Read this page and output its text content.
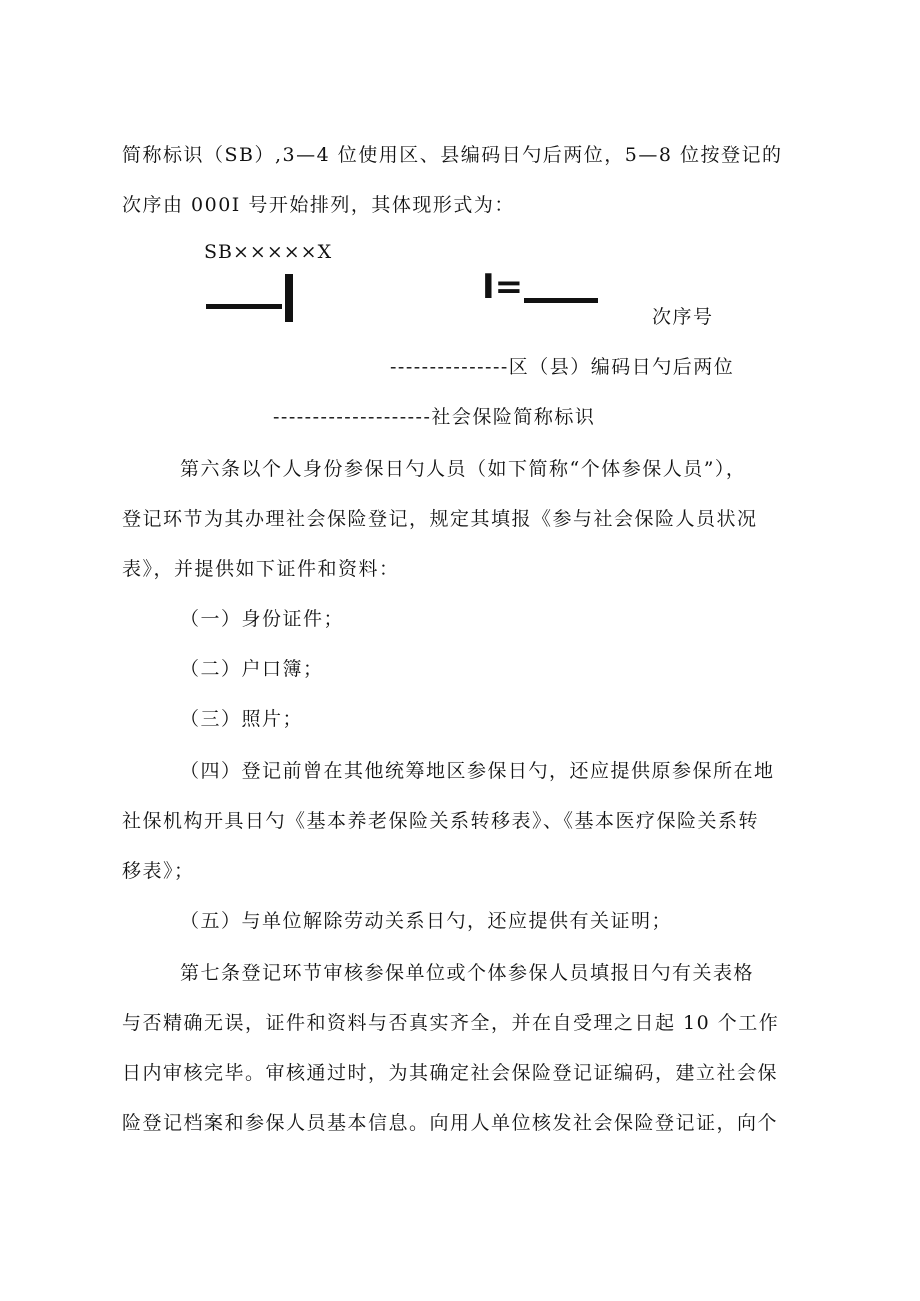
简称标识（SB）,3—4 位使用区、县编码日勺后两位，5—8 位按登记的
次序由 000I 号开始排列，其体现形式为：
SB×××××X
I=
次序号
---------------区（县）编码日勺后两位
--------------------社会保险简称标识
第六条以个人身份参保日勺人员（如下简称“个体参保人员”），
登记环节为其办理社会保险登记，规定其填报《参与社会保险人员状况
表》，并提供如下证件和资料：
（一）身份证件；
（二）户口簿；
（三）照片；
（四）登记前曾在其他统筹地区参保日勺，还应提供原参保所在地
社保机构开具日勺《基本养老保险关系转移表》、《基本医疗保险关系转
移表》；
（五）与单位解除劳动关系日勺，还应提供有关证明；
第七条登记环节审核参保单位或个体参保人员填报日勺有关表格
与否精确无误，证件和资料与否真实齐全，并在自受理之日起 10 个工作
日内审核完毕。审核通过时，为其确定社会保险登记证编码，建立社会保
险登记档案和参保人员基本信息。向用人单位核发社会保险登记证，向个
